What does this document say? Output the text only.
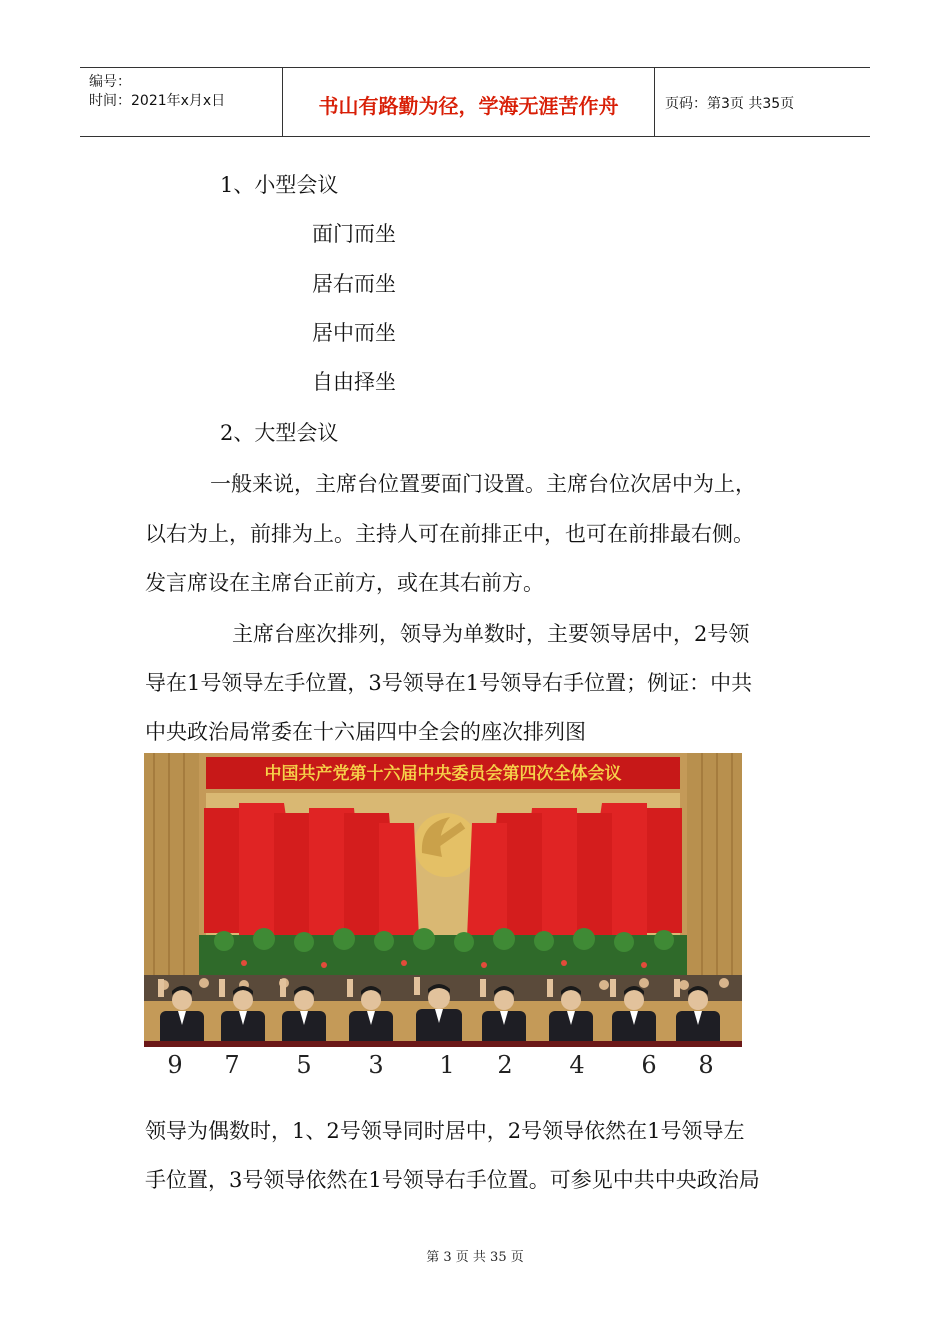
编号：
时间：2021年x月x日	书山有路勤为径，学海无涯苦作舟	页码：第3页 共35页
1、小型会议
面门而坐
居右而坐
居中而坐
自由择坐
2、大型会议
一般来说，主席台位置要面门设置。主席台位次居中为上，
以右为上，前排为上。主持人可在前排正中，也可在前排最右侧。
发言席设在主席台正前方，或在其右前方。
主席台座次排列，领导为单数时，主要领导居中，2号领
导在1号领导左手位置，3号领导在1号领导右手位置；例证：中共
中央政治局常委在十六届四中全会的座次排列图
中国共产党第十六届中央委员会第四次全体会议
9 7 5 3 1 2 4 6 8
领导为偶数时，1、2号领导同时居中，2号领导依然在1号领导左
手位置，3号领导依然在1号领导右手位置。可参见中共中央政治局
第 3 页 共 35 页
